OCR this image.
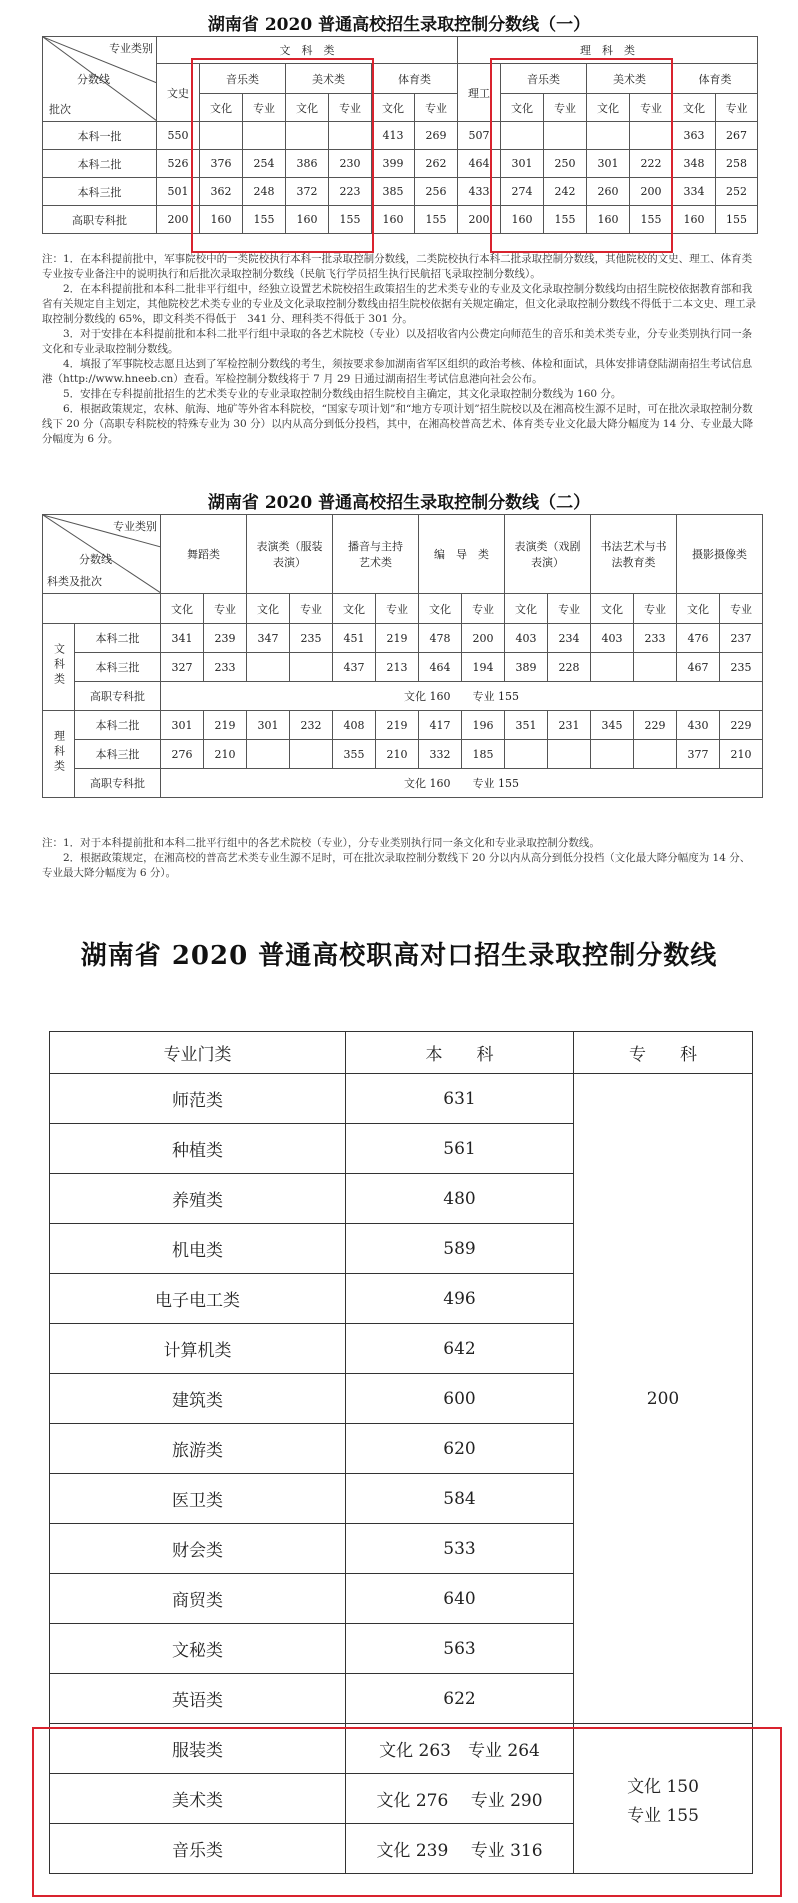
湖南省 2020 普通高校招生录取控制分数线（一）
专业类别
分数线
批次	文　科　类							理　科　类						
	文史	音乐类		美术类		体育类		理工	音乐类		美术类		体育类	
		文化	专业	文化	专业	文化	专业		文化	专业	文化	专业	文化	专业
本科一批	550					413	269	507					363	267
本科二批	526	376	254	386	230	399	262	464	301	250	301	222	348	258
本科三批	501	362	248	372	223	385	256	433	274	242	260	200	334	252
高职专科批	200	160	155	160	155	160	155	200	160	155	160	155	160	155

注：1．在本科提前批中，军事院校中的一类院校执行本科一批录取控制分数线，二类院校执行本科二批录取控制分数线，其他院校的文史、理工、体育类专业按专业备注中的说明执行和后批次录取控制分数线（民航飞行学员招生执行民航招飞录取控制分数线）。

　　2．在本科提前批和本科二批非平行组中，经独立设置艺术院校招生政策招生的艺术类专业的专业及文化录取控制分数线均由招生院校依据教育部和我省有关规定自主划定，其他院校艺术类专业的专业及文化录取控制分数线由招生院校依据有关规定确定，但文化录取控制分数线不得低于二本文史、理工录取控制分数线的 65%，即文科类不得低于　341 分、理科类不得低于 301 分。

　　3．对于安排在本科提前批和本科二批平行组中录取的各艺术院校（专业）以及招收省内公费定向师范生的音乐和美术类专业，分专业类别执行同一条文化和专业录取控制分数线。

　　4．填报了军事院校志愿且达到了军检控制分数线的考生，须按要求参加湖南省军区组织的政治考核、体检和面试，具体安排请登陆湖南招生考试信息港（http://www.hneeb.cn）查看。军检控制分数线将于 7 月 29 日通过湖南招生考试信息港向社会公布。

　　5．安排在专科提前批招生的艺术类专业的专业录取控制分数线由招生院校自主确定，其文化录取控制分数线为 160 分。

　　6．根据政策规定，农林、航海、地矿等外省本科院校，“国家专项计划”和“地方专项计划”招生院校以及在湘高校生源不足时，可在批次录取控制分数线下 20 分（高职专科院校的特殊专业为 30 分）以内从高分到低分投档，其中，在湘高校普高艺术、体育类专业文化最大降分幅度为 14 分、专业最大降分幅度为 6 分。

湖南省 2020 普通高校招生录取控制分数线（二）
专业类别
分数线
科类及批次		舞蹈类		表演类（服装表演）		播音与主持艺术类		编　导　类		表演类（戏剧表演）		书法艺术与书法教育类		摄影摄像类	
		文化	专业	文化	专业	文化	专业	文化	专业	文化	专业	文化	专业	文化	专业
文科类	本科二批	341	239	347	235	451	219	478	200	403	234	403	233	476	237
	本科三批	327	233			437	213	464	194	389	228			467	235
	高职专科批	文化 160　　专业 155													
理科类	本科二批	301	219	301	232	408	219	417	196	351	231	345	229	430	229
	本科三批	276	210			355	210	332	185					377	210
	高职专科批	文化 160　　专业 155													

注：1．对于本科提前批和本科二批平行组中的各艺术院校（专业），分专业类别执行同一条文化和专业录取控制分数线。

　　2．根据政策规定，在湘高校的普高艺术类专业生源不足时，可在批次录取控制分数线下 20 分以内从高分到低分投档（文化最大降分幅度为 14 分、专业最大降分幅度为 6 分）。

湖南省 2020 普通高校职高对口招生录取控制分数线
专业门类	本　　科	专　　科
师范类	631	200
种植类	561	
养殖类	480	
机电类	589	
电子电工类	496	
计算机类	642	
建筑类	600	
旅游类	620	
医卫类	584	
财会类	533	
商贸类	640	
文秘类	563	
英语类	622	
服装类	文化 263　专业 264	文化 150
专业 155

美术类	文化 276　 专业 290	
音乐类	文化 239　 专业 316	
